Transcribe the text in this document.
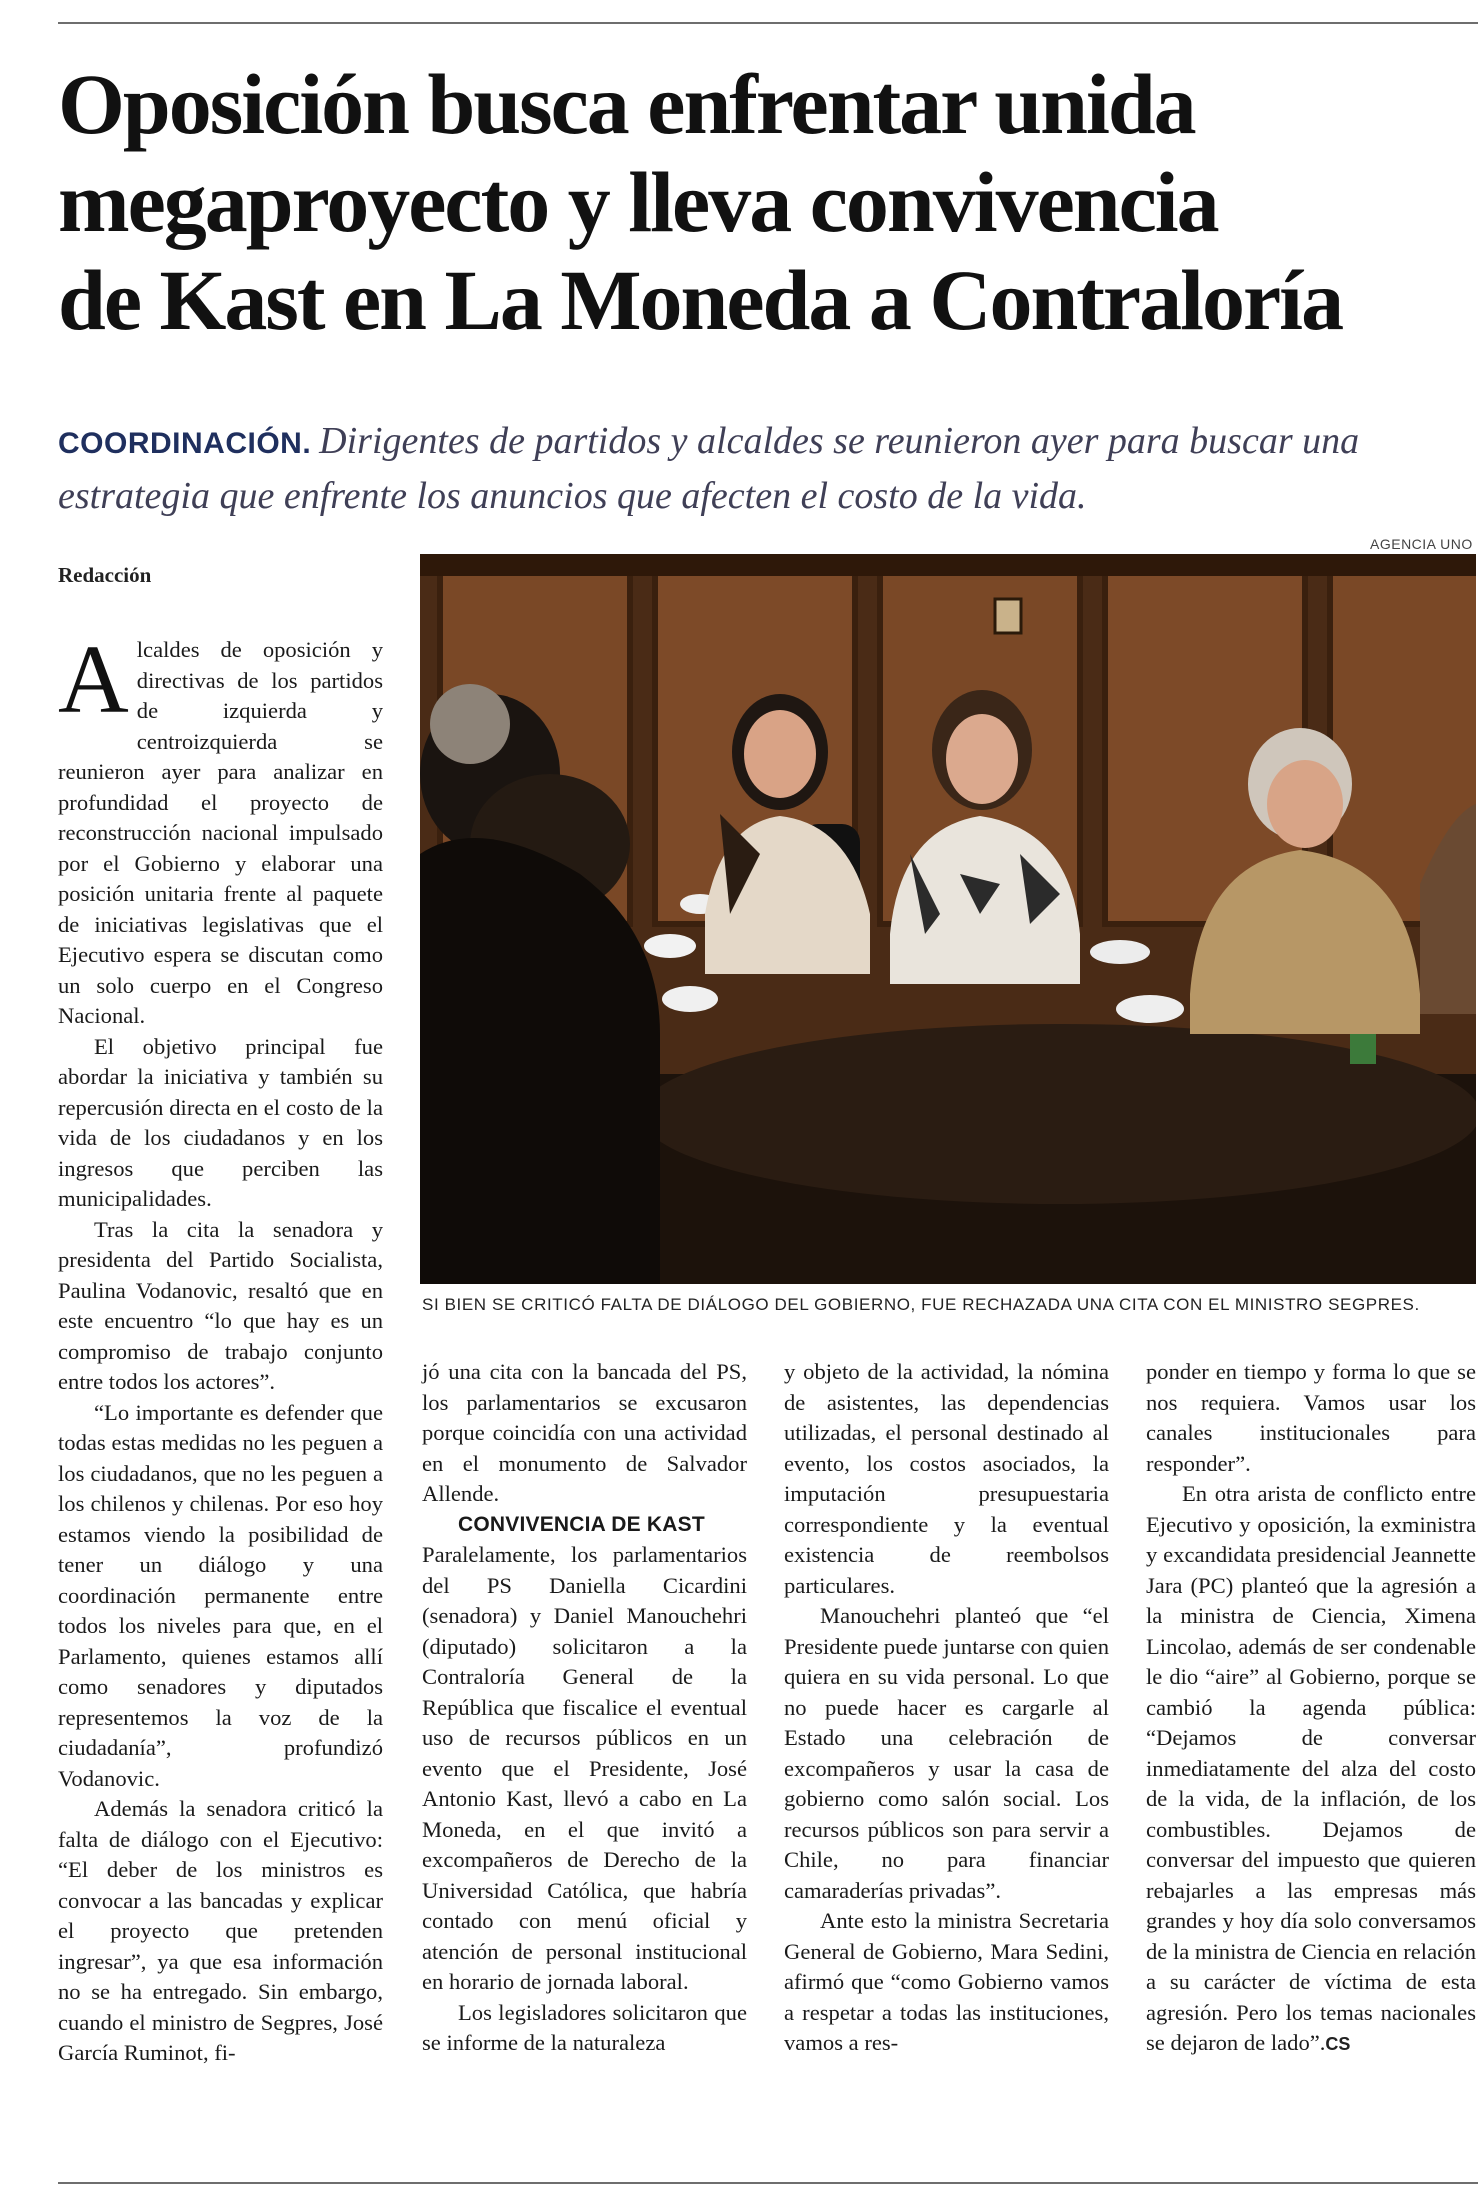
Oposición busca enfrentar unida
megaproyecto y lleva convivencia
de Kast en La Moneda a Contraloría

COORDINACIÓN. Dirigentes de partidos y alcaldes se reunieron ayer para buscar una estrategia que enfrente los anuncios que afecten el costo de la vida.

AGENCIA UNO
SI BIEN SE CRITICÓ FALTA DE DIÁLOGO DEL GOBIERNO, FUE RECHAZADA UNA CITA CON EL MINISTRO SEGPRES.
Redacción
A lcaldes de oposición y directivas de los partidos de izquierda y centroizquierda se reunieron ayer para analizar en profundidad el proyecto de reconstrucción nacional impulsado por el Gobierno y elaborar una posición unitaria frente al paquete de iniciativas legislativas que el Ejecutivo espera se discutan como un solo cuerpo en el Congreso Nacional.

El objetivo principal fue abordar la iniciativa y también su repercusión directa en el costo de la vida de los ciudadanos y en los ingresos que perciben las municipalidades.

Tras la cita la senadora y presidenta del Partido Socialista, Paulina Vodanovic, resaltó que en este encuentro “lo que hay es un compromiso de trabajo conjunto entre todos los actores”.

“Lo importante es defender que todas estas medidas no les peguen a los ciudadanos, que no les peguen a los chilenos y chilenas. Por eso hoy estamos viendo la posibilidad de tener un diálogo y una coordinación permanente entre todos los niveles para que, en el Parlamento, quienes estamos allí como senadores y diputados representemos la voz de la ciudadanía”, profundizó Vodanovic.

Además la senadora criticó la falta de diálogo con el Ejecutivo: “El deber de los ministros es convocar a las bancadas y explicar el proyecto que pretenden ingresar”, ya que esa información no se ha entregado. Sin embargo, cuando el ministro de Segpres, José García Ruminot, fi-

jó una cita con la bancada del PS, los parlamentarios se excusaron porque coincidía con una actividad en el monumento de Salvador Allende.

CONVIVENCIA DE KAST

Paralelamente, los parlamentarios del PS Daniella Cicardini (senadora) y Daniel Manouchehri (diputado) solicitaron a la Contraloría General de la República que fiscalice el eventual uso de recursos públicos en un evento que el Presidente, José Antonio Kast, llevó a cabo en La Moneda, en el que invitó a excompañeros de Derecho de la Universidad Católica, que habría contado con menú oficial y atención de personal institucional en horario de jornada laboral.

Los legisladores solicitaron que se informe de la naturaleza

y objeto de la actividad, la nómina de asistentes, las dependencias utilizadas, el personal destinado al evento, los costos asociados, la imputación presupuestaria correspondiente y la eventual existencia de reembolsos particulares.

Manouchehri planteó que “el Presidente puede juntarse con quien quiera en su vida personal. Lo que no puede hacer es cargarle al Estado una celebración de excompañeros y usar la casa de gobierno como salón social. Los recursos públicos son para servir a Chile, no para financiar camaraderías privadas”.

Ante esto la ministra Secretaria General de Gobierno, Mara Sedini, afirmó que “como Gobierno vamos a respetar a todas las instituciones, vamos a res-

ponder en tiempo y forma lo que se nos requiera. Vamos usar los canales institucionales para responder”.

En otra arista de conflicto entre Ejecutivo y oposición, la exministra y excandidata presidencial Jeannette Jara (PC) planteó que la agresión a la ministra de Ciencia, Ximena Lincolao, además de ser condenable le dio “aire” al Gobierno, porque se cambió la agenda pública: “Dejamos de conversar inmediatamente del alza del costo de la vida, de la inflación, de los combustibles. Dejamos de conversar del impuesto que quieren rebajarles a las empresas más grandes y hoy día solo conversamos de la ministra de Ciencia en relación a su carácter de víctima de esta agresión. Pero los temas nacionales se dejaron de lado”.CS
